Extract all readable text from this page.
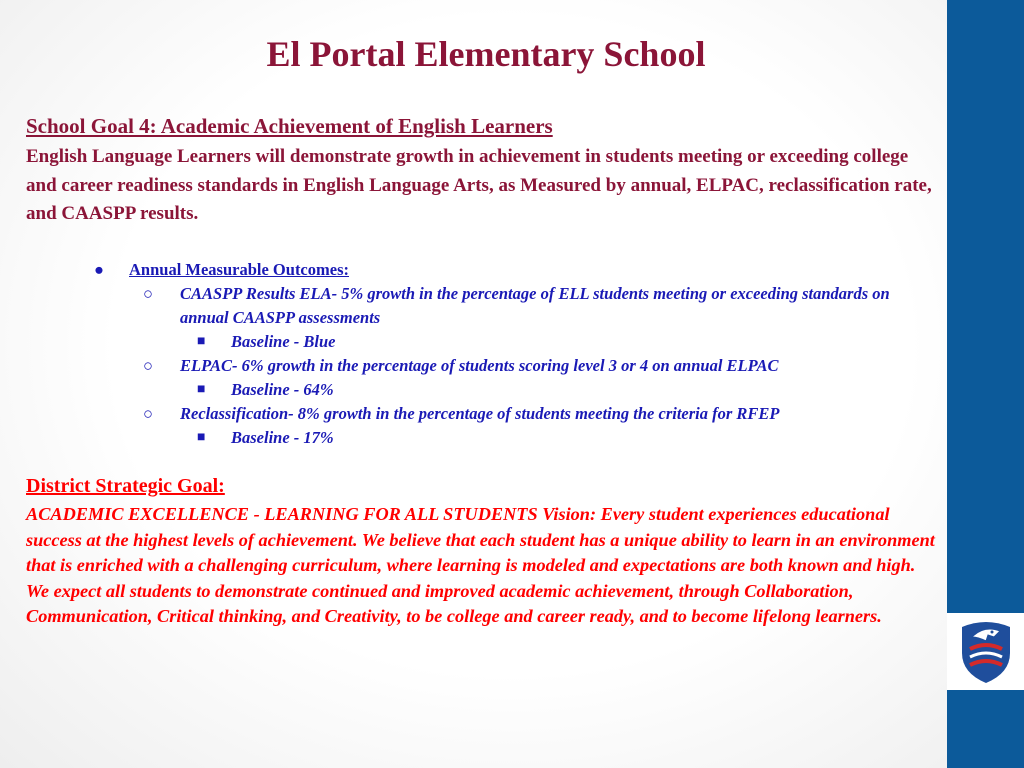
El Portal Elementary School
School Goal 4: Academic Achievement of English Learners
English Language Learners will demonstrate growth in achievement in students meeting or exceeding college and career readiness standards in English Language Arts, as Measured by annual, ELPAC, reclassification rate, and CAASPP results.
● Annual Measurable Outcomes:
○ CAASPP Results ELA- 5% growth in the percentage of ELL students meeting or exceeding standards on annual CAASPP assessments
■ Baseline - Blue
○ ELPAC- 6% growth in the percentage of students scoring level 3 or 4 on annual ELPAC
■ Baseline - 64%
○ Reclassification- 8% growth in the percentage of students meeting the criteria for RFEP
■ Baseline - 17%
District Strategic Goal:
ACADEMIC EXCELLENCE - LEARNING FOR ALL STUDENTS Vision: Every student experiences educational success at the highest levels of achievement. We believe that each student has a unique ability to learn in an environment that is enriched with a challenging curriculum, where learning is modeled and expectations are both known and high. We expect all students to demonstrate continued and improved academic achievement, through Collaboration, Communication, Critical thinking, and Creativity, to be college and career ready, and to become lifelong learners.
